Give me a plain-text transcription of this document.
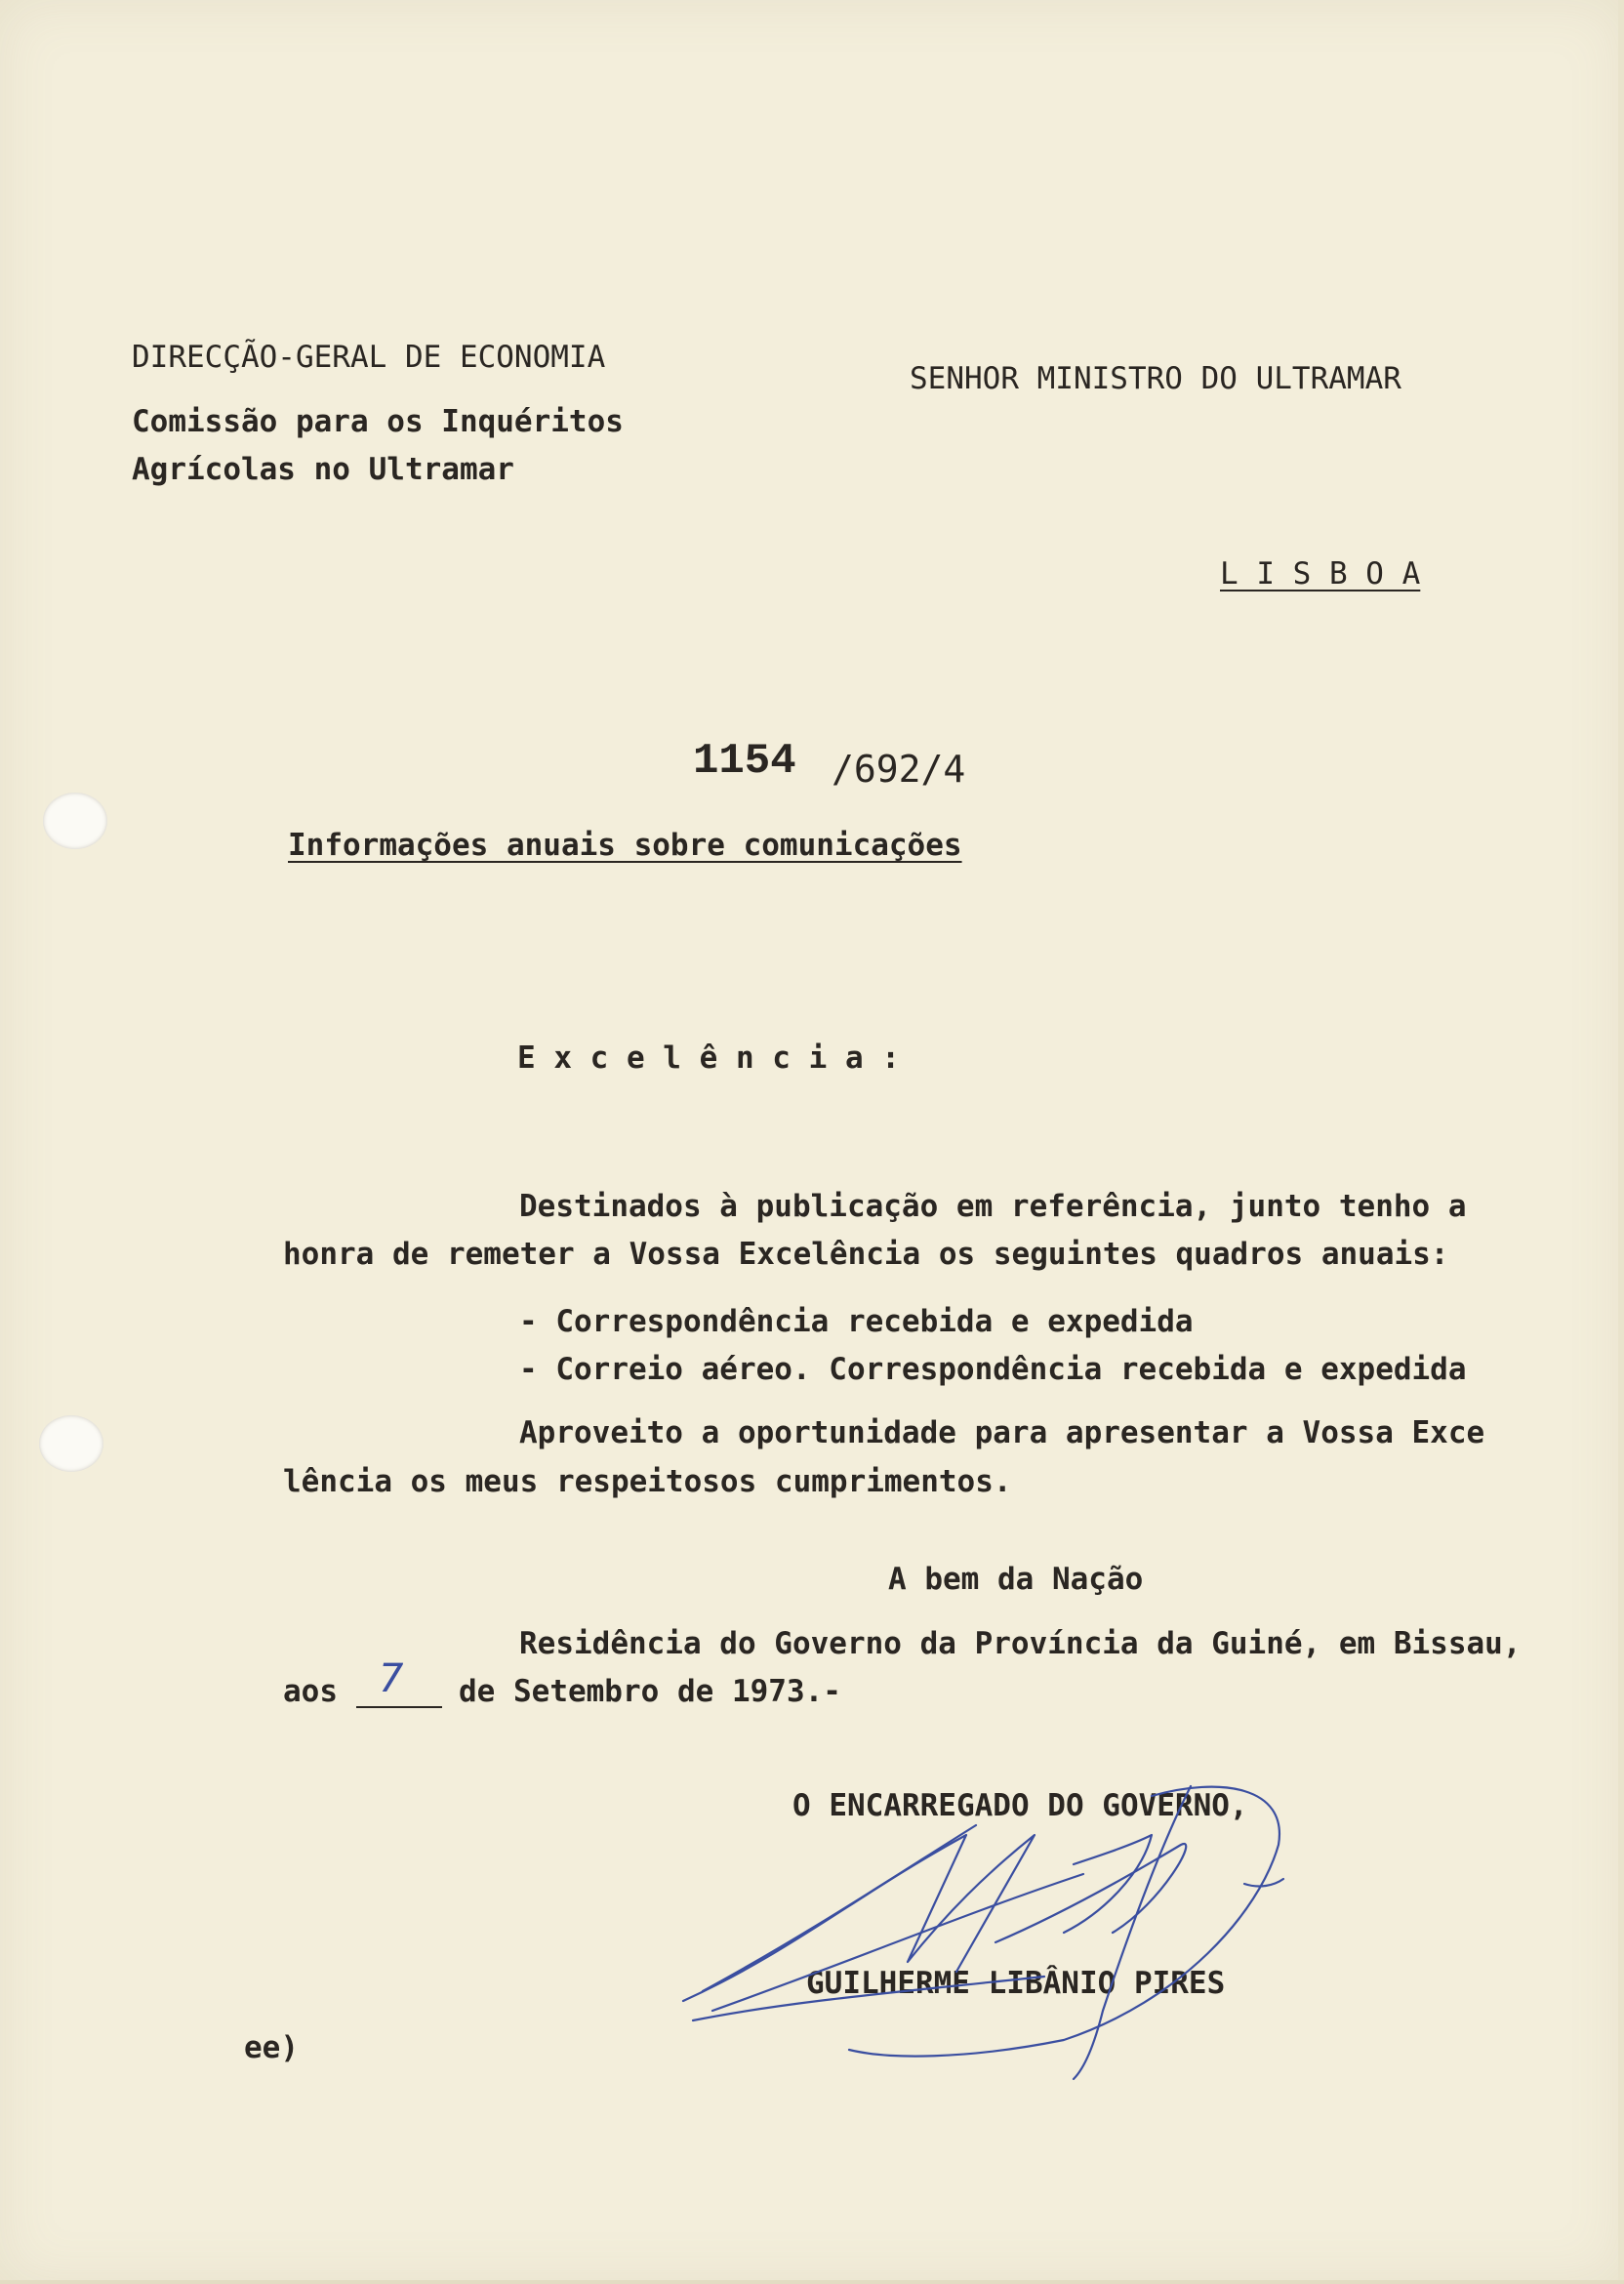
DIRECÇÃO-GERAL DE ECONOMIA
Comissão para os Inquéritos
Agrícolas no Ultramar
SENHOR MINISTRO DO ULTRAMAR
L I S B O A
1154 /692/4
Informações anuais sobre comunicações
E x c e l ê n c i a :
Destinados à publicação em referência, junto tenho a
honra de remeter a Vossa Excelência os seguintes quadros anuais:
- Correspondência recebida e expedida
- Correio aéreo. Correspondência recebida e expedida
Aproveito a oportunidade para apresentar a Vossa Exce
lência os meus respeitosos cumprimentos.
A bem da Nação
Residência do Governo da Província da Guiné, em Bissau,
aos 7 de Setembro de 1973.-
O ENCARREGADO DO GOVERNO,
GUILHERME LIBÂNIO PIRES
ee)
